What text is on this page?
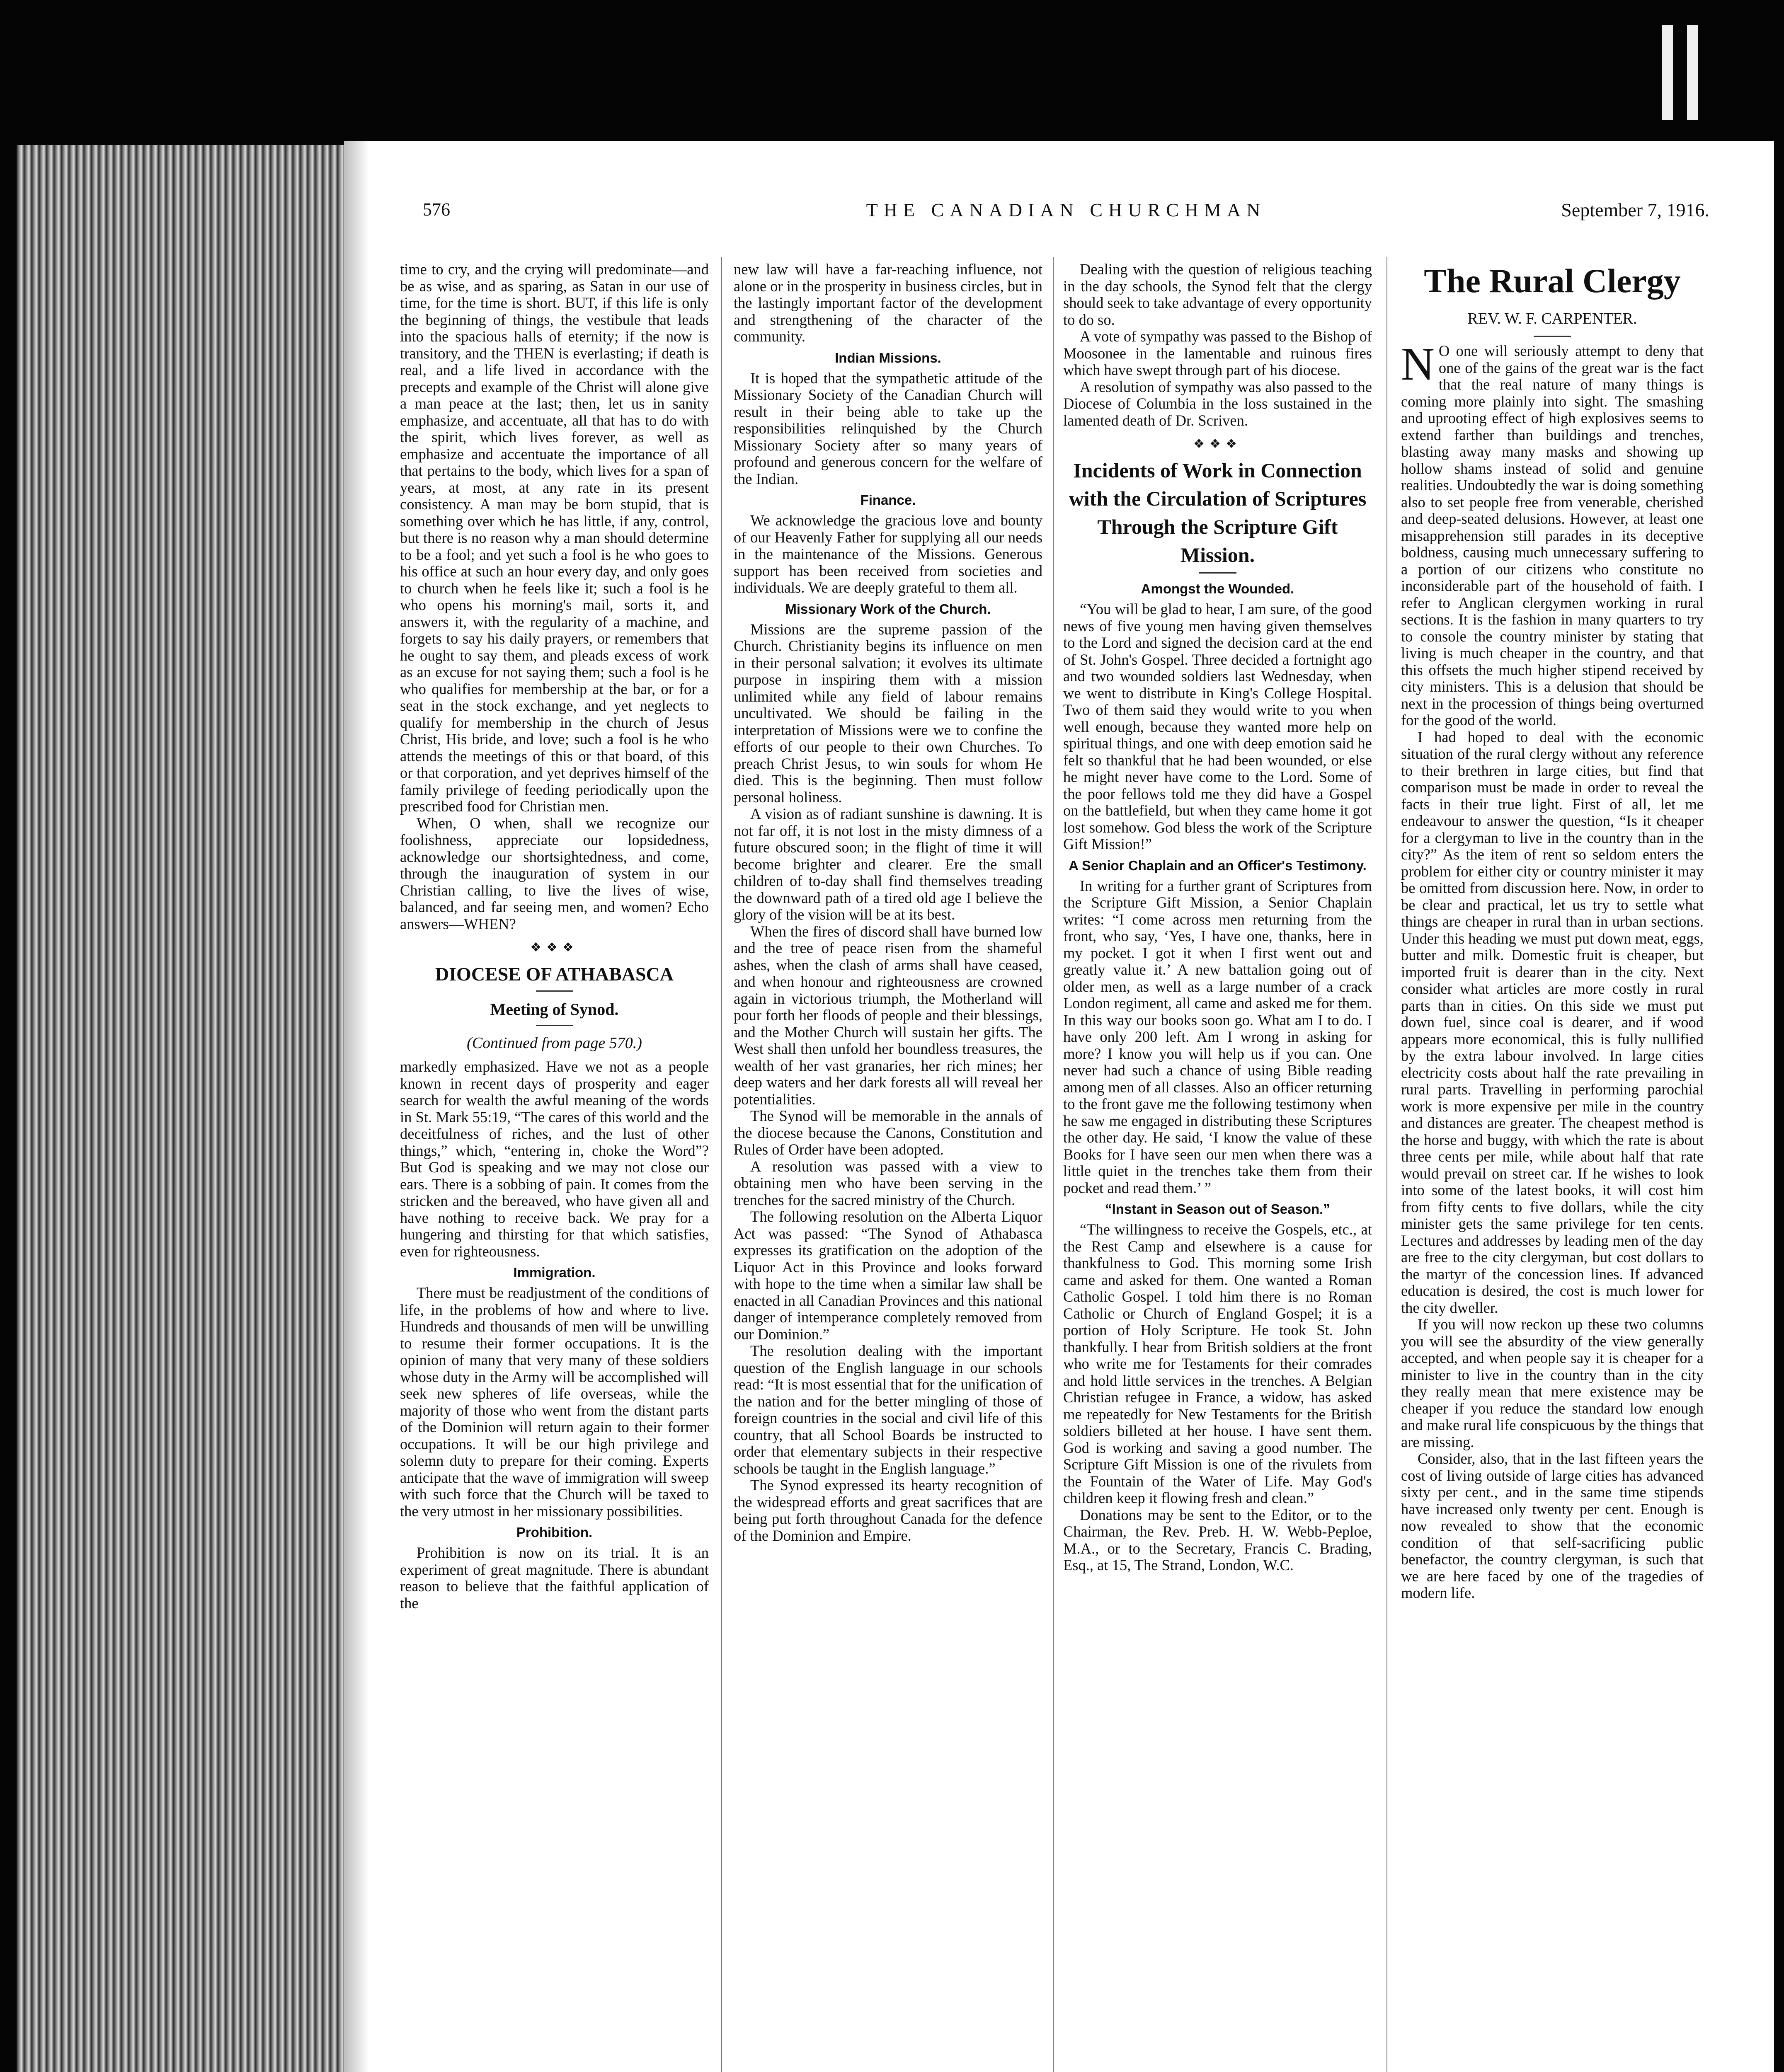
576	THE CANADIAN CHURCHMAN	September 7, 1916.

time to cry, and the crying will predominate—and be as wise, and as sparing, as Satan in our use of time, for the time is short. BUT, if this life is only the beginning of things, the vestibule that leads into the spacious halls of eternity; if the now is transitory, and the THEN is everlasting; if death is real, and a life lived in accordance with the precepts and example of the Christ will alone give a man peace at the last; then, let us in sanity emphasize, and accentuate, all that has to do with the spirit, which lives forever, as well as emphasize and accentuate the importance of all that pertains to the body, which lives for a span of years, at most, at any rate in its present consistency. A man may be born stupid, that is something over which he has little, if any, control, but there is no reason why a man should determine to be a fool; and yet such a fool is he who goes to his office at such an hour every day, and only goes to church when he feels like it; such a fool is he who opens his morning's mail, sorts it, and answers it, with the regularity of a machine, and forgets to say his daily prayers, or remembers that he ought to say them, and pleads excess of work as an excuse for not saying them; such a fool is he who qualifies for membership at the bar, or for a seat in the stock exchange, and yet neglects to qualify for membership in the church of Jesus Christ, His bride, and love; such a fool is he who attends the meetings of this or that board, of this or that corporation, and yet deprives himself of the family privilege of feeding periodically upon the prescribed food for Christian men.

When, O when, shall we recognize our foolishness, appreciate our lopsidedness, acknowledge our shortsightedness, and come, through the inauguration of system in our Christian calling, to live the lives of wise, balanced, and far seeing men, and women? Echo answers—WHEN?

❖❖❖
DIOCESE OF ATHABASCA
Meeting of Synod.
(Continued from page 570.)

markedly emphasized. Have we not as a people known in recent days of prosperity and eager search for wealth the awful meaning of the words in St. Mark 55:19, “The cares of this world and the deceitfulness of riches, and the lust of other things,” which, “entering in, choke the Word”? But God is speaking and we may not close our ears. There is a sobbing of pain. It comes from the stricken and the bereaved, who have given all and have nothing to receive back. We pray for a hungering and thirsting for that which satisfies, even for righteousness.

Immigration.

There must be readjustment of the conditions of life, in the problems of how and where to live. Hundreds and thousands of men will be unwilling to resume their former occupations. It is the opinion of many that very many of these soldiers whose duty in the Army will be accomplished will seek new spheres of life overseas, while the majority of those who went from the distant parts of the Dominion will return again to their former occupations. It will be our high privilege and solemn duty to prepare for their coming. Experts anticipate that the wave of immigration will sweep with such force that the Church will be taxed to the very utmost in her missionary possibilities.

Prohibition.

Prohibition is now on its trial. It is an experiment of great magnitude. There is abundant reason to believe that the faithful application of the

new law will have a far-reaching influence, not alone or in the prosperity in business circles, but in the lastingly important factor of the development and strengthening of the character of the community.

Indian Missions.

It is hoped that the sympathetic attitude of the Missionary Society of the Canadian Church will result in their being able to take up the responsibilities relinquished by the Church Missionary Society after so many years of profound and generous concern for the welfare of the Indian.

Finance.

We acknowledge the gracious love and bounty of our Heavenly Father for supplying all our needs in the maintenance of the Missions. Generous support has been received from societies and individuals. We are deeply grateful to them all.

Missionary Work of the Church.

Missions are the supreme passion of the Church. Christianity begins its influence on men in their personal salvation; it evolves its ultimate purpose in inspiring them with a mission unlimited while any field of labour remains uncultivated. We should be failing in the interpretation of Missions were we to confine the efforts of our people to their own Churches. To preach Christ Jesus, to win souls for whom He died. This is the beginning. Then must follow personal holiness.

A vision as of radiant sunshine is dawning. It is not far off, it is not lost in the misty dimness of a future obscured soon; in the flight of time it will become brighter and clearer. Ere the small children of to-day shall find themselves treading the downward path of a tired old age I believe the glory of the vision will be at its best.

When the fires of discord shall have burned low and the tree of peace risen from the shameful ashes, when the clash of arms shall have ceased, and when honour and righteousness are crowned again in victorious triumph, the Motherland will pour forth her floods of people and their blessings, and the Mother Church will sustain her gifts. The West shall then unfold her boundless treasures, the wealth of her vast granaries, her rich mines; her deep waters and her dark forests all will reveal her potentialities.

The Synod will be memorable in the annals of the diocese because the Canons, Constitution and Rules of Order have been adopted.

A resolution was passed with a view to obtaining men who have been serving in the trenches for the sacred ministry of the Church.

The following resolution on the Alberta Liquor Act was passed: “The Synod of Athabasca expresses its gratification on the adoption of the Liquor Act in this Province and looks forward with hope to the time when a similar law shall be enacted in all Canadian Provinces and this national danger of intemperance completely removed from our Dominion.”

The resolution dealing with the important question of the English language in our schools read: “It is most essential that for the unification of the nation and for the better mingling of those of foreign countries in the social and civil life of this country, that all School Boards be instructed to order that elementary subjects in their respective schools be taught in the English language.”

The Synod expressed its hearty recognition of the widespread efforts and great sacrifices that are being put forth throughout Canada for the defence of the Dominion and Empire.

Dealing with the question of religious teaching in the day schools, the Synod felt that the clergy should seek to take advantage of every opportunity to do so.

A vote of sympathy was passed to the Bishop of Moosonee in the lamentable and ruinous fires which have swept through part of his diocese.

A resolution of sympathy was also passed to the Diocese of Columbia in the loss sustained in the lamented death of Dr. Scriven.

❖❖❖
Incidents of Work in Connection with the Circulation of Scriptures Through the Scripture Gift Mission.
Amongst the Wounded.

“You will be glad to hear, I am sure, of the good news of five young men having given themselves to the Lord and signed the decision card at the end of St. John's Gospel. Three decided a fortnight ago and two wounded soldiers last Wednesday, when we went to distribute in King's College Hospital. Two of them said they would write to you when well enough, because they wanted more help on spiritual things, and one with deep emotion said he felt so thankful that he had been wounded, or else he might never have come to the Lord. Some of the poor fellows told me they did have a Gospel on the battlefield, but when they came home it got lost somehow. God bless the work of the Scripture Gift Mission!”

A Senior Chaplain and an Officer's Testimony.

In writing for a further grant of Scriptures from the Scripture Gift Mission, a Senior Chaplain writes: “I come across men returning from the front, who say, ‘Yes, I have one, thanks, here in my pocket. I got it when I first went out and greatly value it.’ A new battalion going out of older men, as well as a large number of a crack London regiment, all came and asked me for them. In this way our books soon go. What am I to do. I have only 200 left. Am I wrong in asking for more? I know you will help us if you can. One never had such a chance of using Bible reading among men of all classes. Also an officer returning to the front gave me the following testimony when he saw me engaged in distributing these Scriptures the other day. He said, ‘I know the value of these Books for I have seen our men when there was a little quiet in the trenches take them from their pocket and read them.’ ”

“Instant in Season out of Season.”

“The willingness to receive the Gospels, etc., at the Rest Camp and elsewhere is a cause for thankfulness to God. This morning some Irish came and asked for them. One wanted a Roman Catholic Gospel. I told him there is no Roman Catholic or Church of England Gospel; it is a portion of Holy Scripture. He took St. John thankfully. I hear from British soldiers at the front who write me for Testaments for their comrades and hold little services in the trenches. A Belgian Christian refugee in France, a widow, has asked me repeatedly for New Testaments for the British soldiers billeted at her house. I have sent them. God is working and saving a good number. The Scripture Gift Mission is one of the rivulets from the Fountain of the Water of Life. May God's children keep it flowing fresh and clean.”

Donations may be sent to the Editor, or to the Chairman, the Rev. Preb. H. W. Webb-Peploe, M.A., or to the Secretary, Francis C. Brading, Esq., at 15, The Strand, London, W.C.

The Rural Clergy
REV. W. F. CARPENTER.

N O one will seriously attempt to deny that one of the gains of the great war is the fact that the real nature of many things is coming more plainly into sight. The smashing and uprooting effect of high explosives seems to extend farther than buildings and trenches, blasting away many masks and showing up hollow shams instead of solid and genuine realities. Undoubtedly the war is doing something also to set people free from venerable, cherished and deep-seated delusions. However, at least one misapprehension still parades in its deceptive boldness, causing much unnecessary suffering to a portion of our citizens who constitute no inconsiderable part of the household of faith. I refer to Anglican clergymen working in rural sections. It is the fashion in many quarters to try to console the country minister by stating that living is much cheaper in the country, and that this offsets the much higher stipend received by city ministers. This is a delusion that should be next in the procession of things being overturned for the good of the world.

I had hoped to deal with the economic situation of the rural clergy without any reference to their brethren in large cities, but find that comparison must be made in order to reveal the facts in their true light. First of all, let me endeavour to answer the question, “Is it cheaper for a clergyman to live in the country than in the city?” As the item of rent so seldom enters the problem for either city or country minister it may be omitted from discussion here. Now, in order to be clear and practical, let us try to settle what things are cheaper in rural than in urban sections. Under this heading we must put down meat, eggs, butter and milk. Domestic fruit is cheaper, but imported fruit is dearer than in the city. Next consider what articles are more costly in rural parts than in cities. On this side we must put down fuel, since coal is dearer, and if wood appears more economical, this is fully nullified by the extra labour involved. In large cities electricity costs about half the rate prevailing in rural parts. Travelling in performing parochial work is more expensive per mile in the country and distances are greater. The cheapest method is the horse and buggy, with which the rate is about three cents per mile, while about half that rate would prevail on street car. If he wishes to look into some of the latest books, it will cost him from fifty cents to five dollars, while the city minister gets the same privilege for ten cents. Lectures and addresses by leading men of the day are free to the city clergyman, but cost dollars to the martyr of the concession lines. If advanced education is desired, the cost is much lower for the city dweller.

If you will now reckon up these two columns you will see the absurdity of the view generally accepted, and when people say it is cheaper for a minister to live in the country than in the city they really mean that mere existence may be cheaper if you reduce the standard low enough and make rural life conspicuous by the things that are missing.

Consider, also, that in the last fifteen years the cost of living outside of large cities has advanced sixty per cent., and in the same time stipends have increased only twenty per cent. Enough is now revealed to show that the economic condition of that self-sacrificing public benefactor, the country clergyman, is such that we are here faced by one of the tragedies of modern life.
